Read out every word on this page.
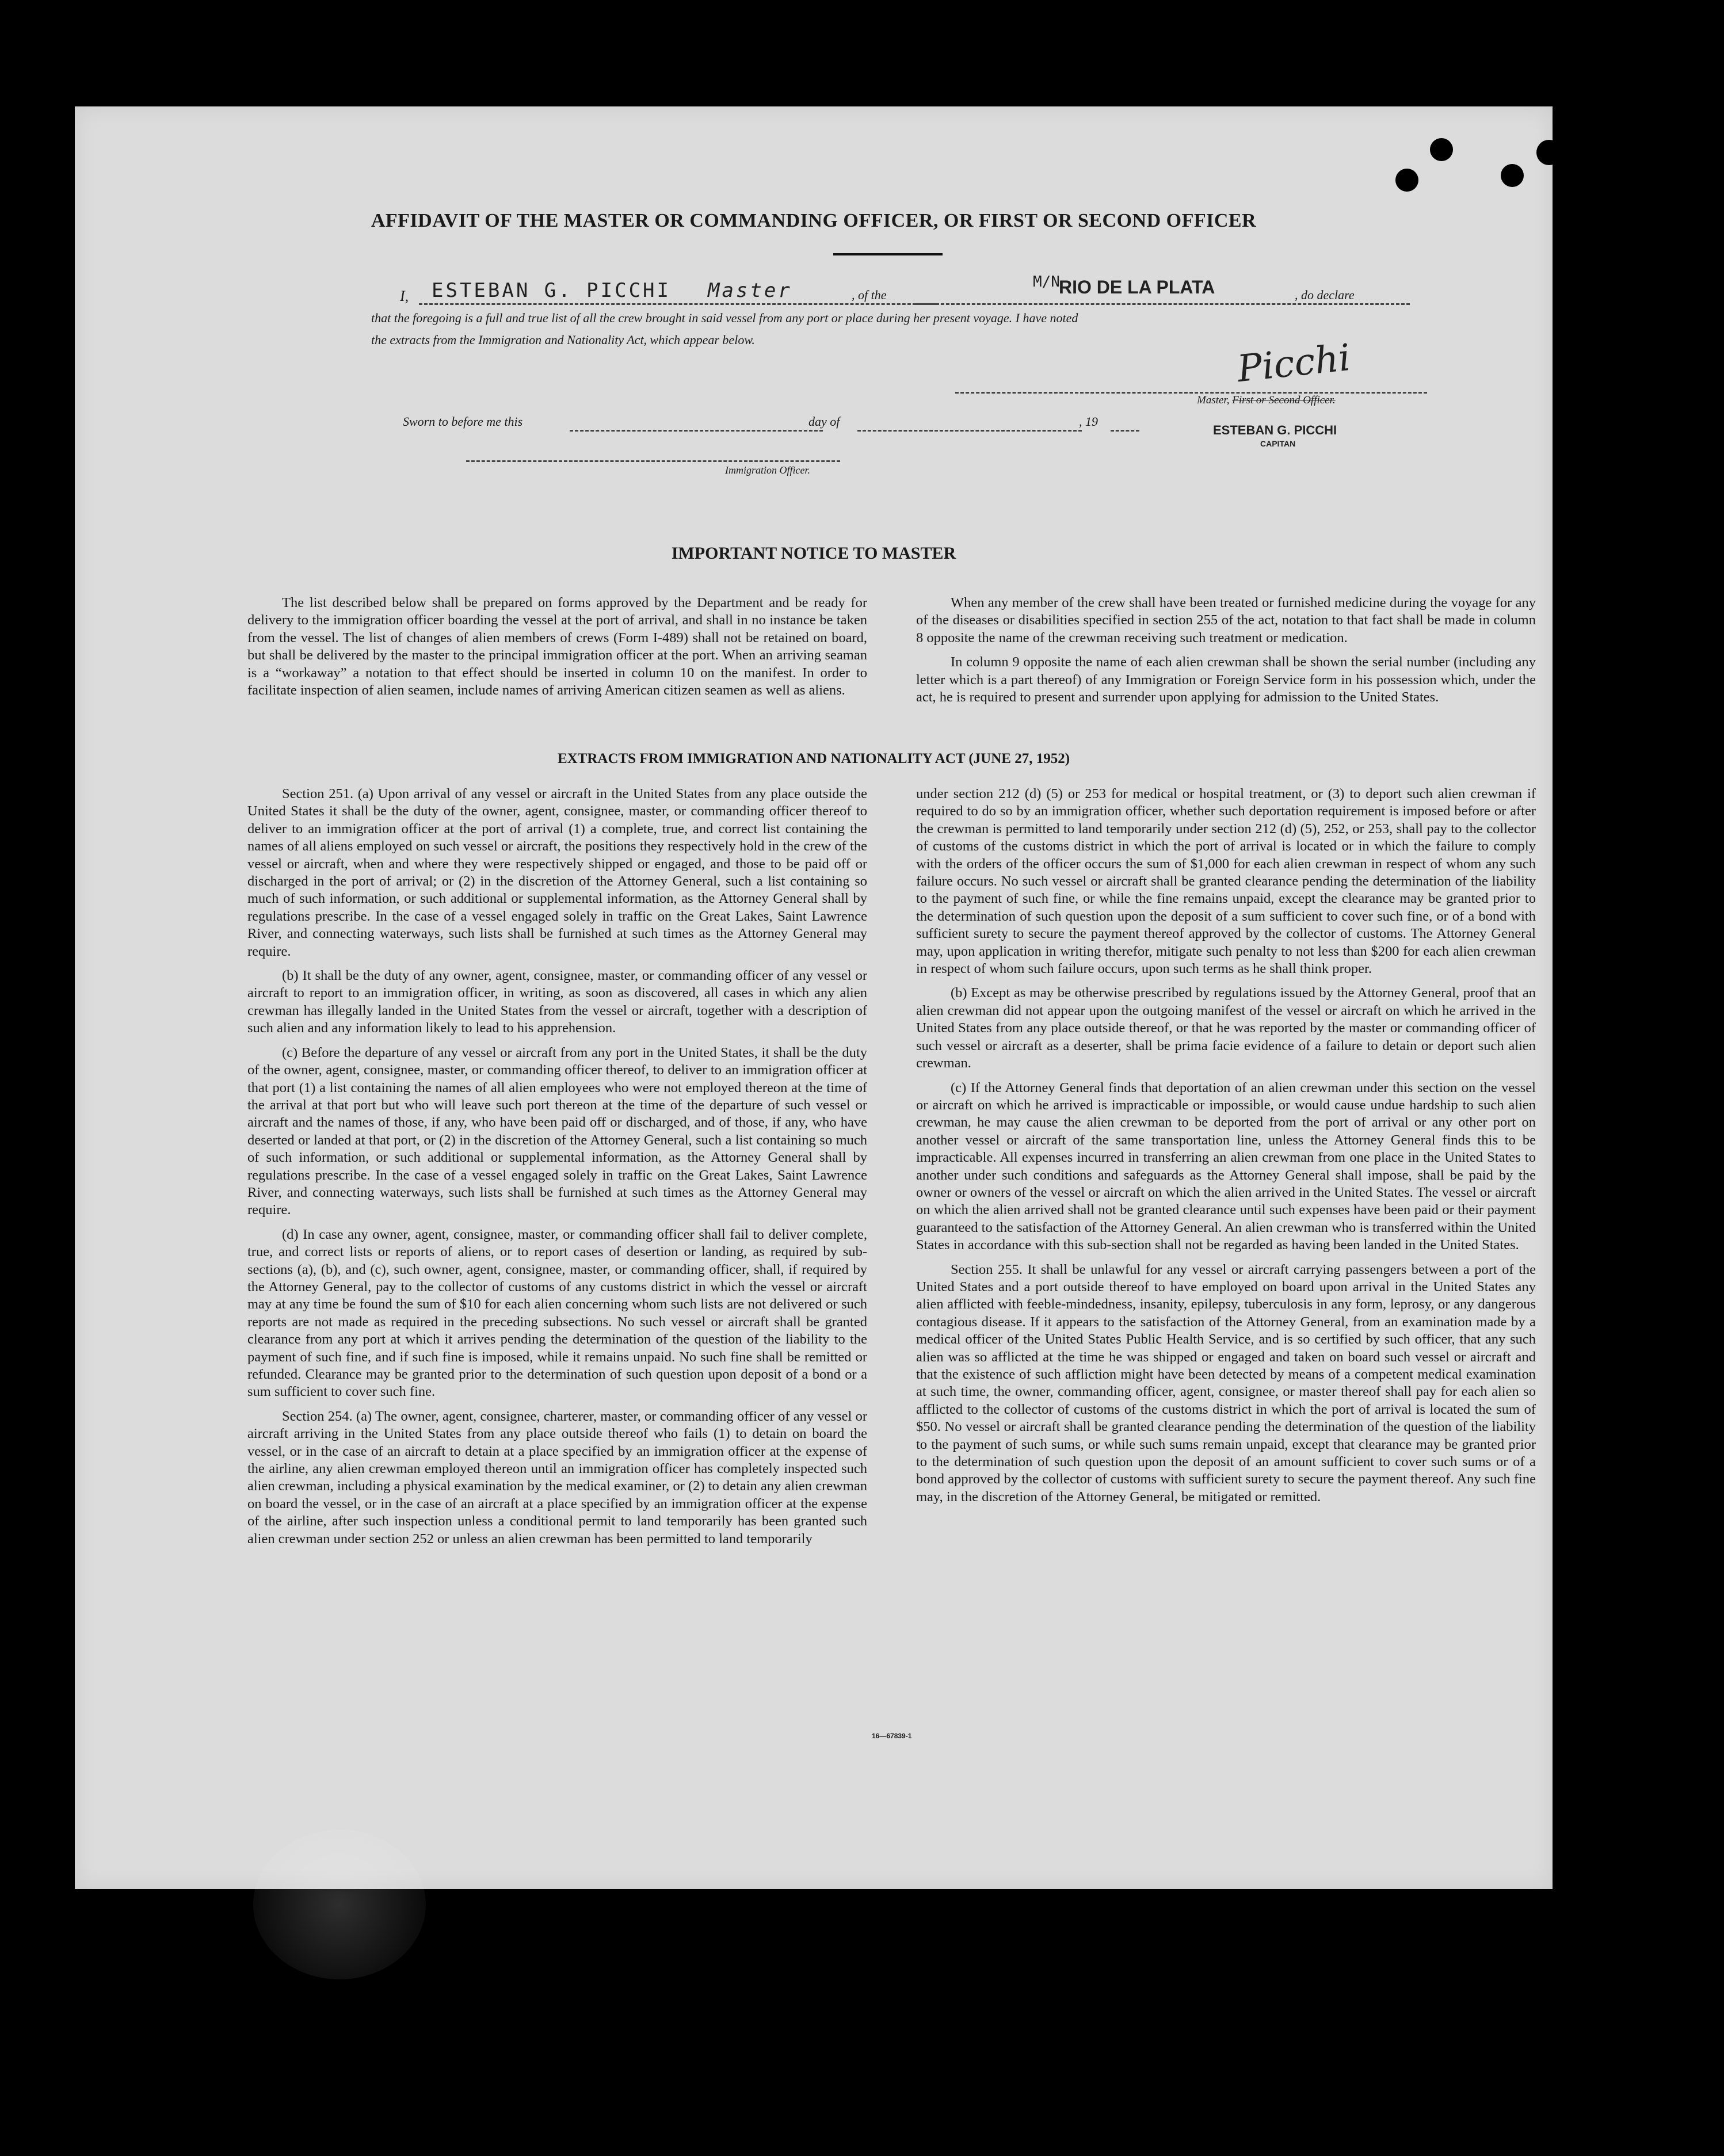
AFFIDAVIT OF THE MASTER OR COMMANDING OFFICER, OR FIRST OR SECOND OFFICER
I, ESTEBAN G. PICCHI Master	, of the
M/N
RIO DE LA PLATA	, do declare
that the foregoing is a full and true list of all the crew brought in said vessel from any port or place during her present voyage. I have noted
the extracts from the Immigration and Nationality Act, which appear below.	Picchi
Master, First or Second Officer.
ESTEBAN G. PICCHI
CAPITAN
Sworn to before me this	day of	, 19
Immigration Officer.
IMPORTANT NOTICE TO MASTER

The list described below shall be prepared on forms approved by the Department and be ready for delivery to the immigration officer boarding the vessel at the port of arrival, and shall in no instance be taken from the vessel. The list of changes of alien members of crews (Form I-489) shall not be retained on board, but shall be delivered by the master to the principal immigration officer at the port. When an arriving seaman is a “workaway” a notation to that effect should be inserted in column 10 on the manifest. In order to facilitate inspection of alien seamen, include names of arriving American citizen seamen as well as aliens.

When any member of the crew shall have been treated or furnished medicine during the voyage for any of the diseases or disabilities specified in section 255 of the act, notation to that fact shall be made in column 8 opposite the name of the crewman receiving such treatment or medication.

In column 9 opposite the name of each alien crewman shall be shown the serial number (including any letter which is a part thereof) of any Immigration or Foreign Service form in his possession which, under the act, he is required to present and surrender upon applying for admission to the United States.

EXTRACTS FROM IMMIGRATION AND NATIONALITY ACT (JUNE 27, 1952)

Section 251. (a) Upon arrival of any vessel or aircraft in the United States from any place outside the United States it shall be the duty of the owner, agent, consignee, master, or commanding officer thereof to deliver to an immigration officer at the port of arrival (1) a complete, true, and correct list containing the names of all aliens employed on such vessel or aircraft, the positions they respectively hold in the crew of the vessel or aircraft, when and where they were respectively shipped or engaged, and those to be paid off or discharged in the port of arrival; or (2) in the discretion of the Attorney General, such a list containing so much of such information, or such additional or supplemental information, as the Attorney General shall by regulations prescribe. In the case of a vessel engaged solely in traffic on the Great Lakes, Saint Lawrence River, and connecting waterways, such lists shall be furnished at such times as the Attorney General may require.

(b) It shall be the duty of any owner, agent, consignee, master, or commanding officer of any vessel or aircraft to report to an immigration officer, in writing, as soon as discovered, all cases in which any alien crewman has illegally landed in the United States from the vessel or aircraft, together with a description of such alien and any information likely to lead to his apprehension.

(c) Before the departure of any vessel or aircraft from any port in the United States, it shall be the duty of the owner, agent, consignee, master, or commanding officer thereof, to deliver to an immigration officer at that port (1) a list containing the names of all alien employees who were not employed thereon at the time of the arrival at that port but who will leave such port thereon at the time of the departure of such vessel or aircraft and the names of those, if any, who have been paid off or discharged, and of those, if any, who have deserted or landed at that port, or (2) in the discretion of the Attorney General, such a list containing so much of such information, or such additional or supplemental information, as the Attorney General shall by regulations prescribe. In the case of a vessel engaged solely in traffic on the Great Lakes, Saint Lawrence River, and connecting waterways, such lists shall be furnished at such times as the Attorney General may require.

(d) In case any owner, agent, consignee, master, or commanding officer shall fail to deliver complete, true, and correct lists or reports of aliens, or to report cases of desertion or landing, as required by sub-sections (a), (b), and (c), such owner, agent, consignee, master, or commanding officer, shall, if required by the Attorney General, pay to the collector of customs of any customs district in which the vessel or aircraft may at any time be found the sum of $10 for each alien concerning whom such lists are not delivered or such reports are not made as required in the preceding subsections. No such vessel or aircraft shall be granted clearance from any port at which it arrives pending the determination of the question of the liability to the payment of such fine, and if such fine is imposed, while it remains unpaid. No such fine shall be remitted or refunded. Clearance may be granted prior to the determination of such question upon deposit of a bond or a sum sufficient to cover such fine.

Section 254. (a) The owner, agent, consignee, charterer, master, or commanding officer of any vessel or aircraft arriving in the United States from any place outside thereof who fails (1) to detain on board the vessel, or in the case of an aircraft to detain at a place specified by an immigration officer at the expense of the airline, any alien crewman employed thereon until an immigration officer has completely inspected such alien crewman, including a physical examination by the medical examiner, or (2) to detain any alien crewman on board the vessel, or in the case of an aircraft at a place specified by an immigration officer at the expense of the airline, after such inspection unless a conditional permit to land temporarily has been granted such alien crewman under section 252 or unless an alien crewman has been permitted to land temporarily

under section 212 (d) (5) or 253 for medical or hospital treatment, or (3) to deport such alien crewman if required to do so by an immigration officer, whether such deportation requirement is imposed before or after the crewman is permitted to land temporarily under section 212 (d) (5), 252, or 253, shall pay to the collector of customs of the customs district in which the port of arrival is located or in which the failure to comply with the orders of the officer occurs the sum of $1,000 for each alien crewman in respect of whom any such failure occurs. No such vessel or aircraft shall be granted clearance pending the determination of the liability to the payment of such fine, or while the fine remains unpaid, except the clearance may be granted prior to the determination of such question upon the deposit of a sum sufficient to cover such fine, or of a bond with sufficient surety to secure the payment thereof approved by the collector of customs. The Attorney General may, upon application in writing therefor, mitigate such penalty to not less than $200 for each alien crewman in respect of whom such failure occurs, upon such terms as he shall think proper.

(b) Except as may be otherwise prescribed by regulations issued by the Attorney General, proof that an alien crewman did not appear upon the outgoing manifest of the vessel or aircraft on which he arrived in the United States from any place outside thereof, or that he was reported by the master or commanding officer of such vessel or aircraft as a deserter, shall be prima facie evidence of a failure to detain or deport such alien crewman.

(c) If the Attorney General finds that deportation of an alien crewman under this section on the vessel or aircraft on which he arrived is impracticable or impossible, or would cause undue hardship to such alien crewman, he may cause the alien crewman to be deported from the port of arrival or any other port on another vessel or aircraft of the same transportation line, unless the Attorney General finds this to be impracticable. All expenses incurred in transferring an alien crewman from one place in the United States to another under such conditions and safeguards as the Attorney General shall impose, shall be paid by the owner or owners of the vessel or aircraft on which the alien arrived in the United States. The vessel or aircraft on which the alien arrived shall not be granted clearance until such expenses have been paid or their payment guaranteed to the satisfaction of the Attorney General. An alien crewman who is transferred within the United States in accordance with this sub-section shall not be regarded as having been landed in the United States.

Section 255. It shall be unlawful for any vessel or aircraft carrying passengers between a port of the United States and a port outside thereof to have employed on board upon arrival in the United States any alien afflicted with feeble-mindedness, insanity, epilepsy, tuberculosis in any form, leprosy, or any dangerous contagious disease. If it appears to the satisfaction of the Attorney General, from an examination made by a medical officer of the United States Public Health Service, and is so certified by such officer, that any such alien was so afflicted at the time he was shipped or engaged and taken on board such vessel or aircraft and that the existence of such affliction might have been detected by means of a competent medical examination at such time, the owner, commanding officer, agent, consignee, or master thereof shall pay for each alien so afflicted to the collector of customs of the customs district in which the port of arrival is located the sum of $50. No vessel or aircraft shall be granted clearance pending the determination of the question of the liability to the payment of such sums, or while such sums remain unpaid, except that clearance may be granted prior to the determination of such question upon the deposit of an amount sufficient to cover such sums or of a bond approved by the collector of customs with sufficient surety to secure the payment thereof. Any such fine may, in the discretion of the Attorney General, be mitigated or remitted.

16—67839-1
